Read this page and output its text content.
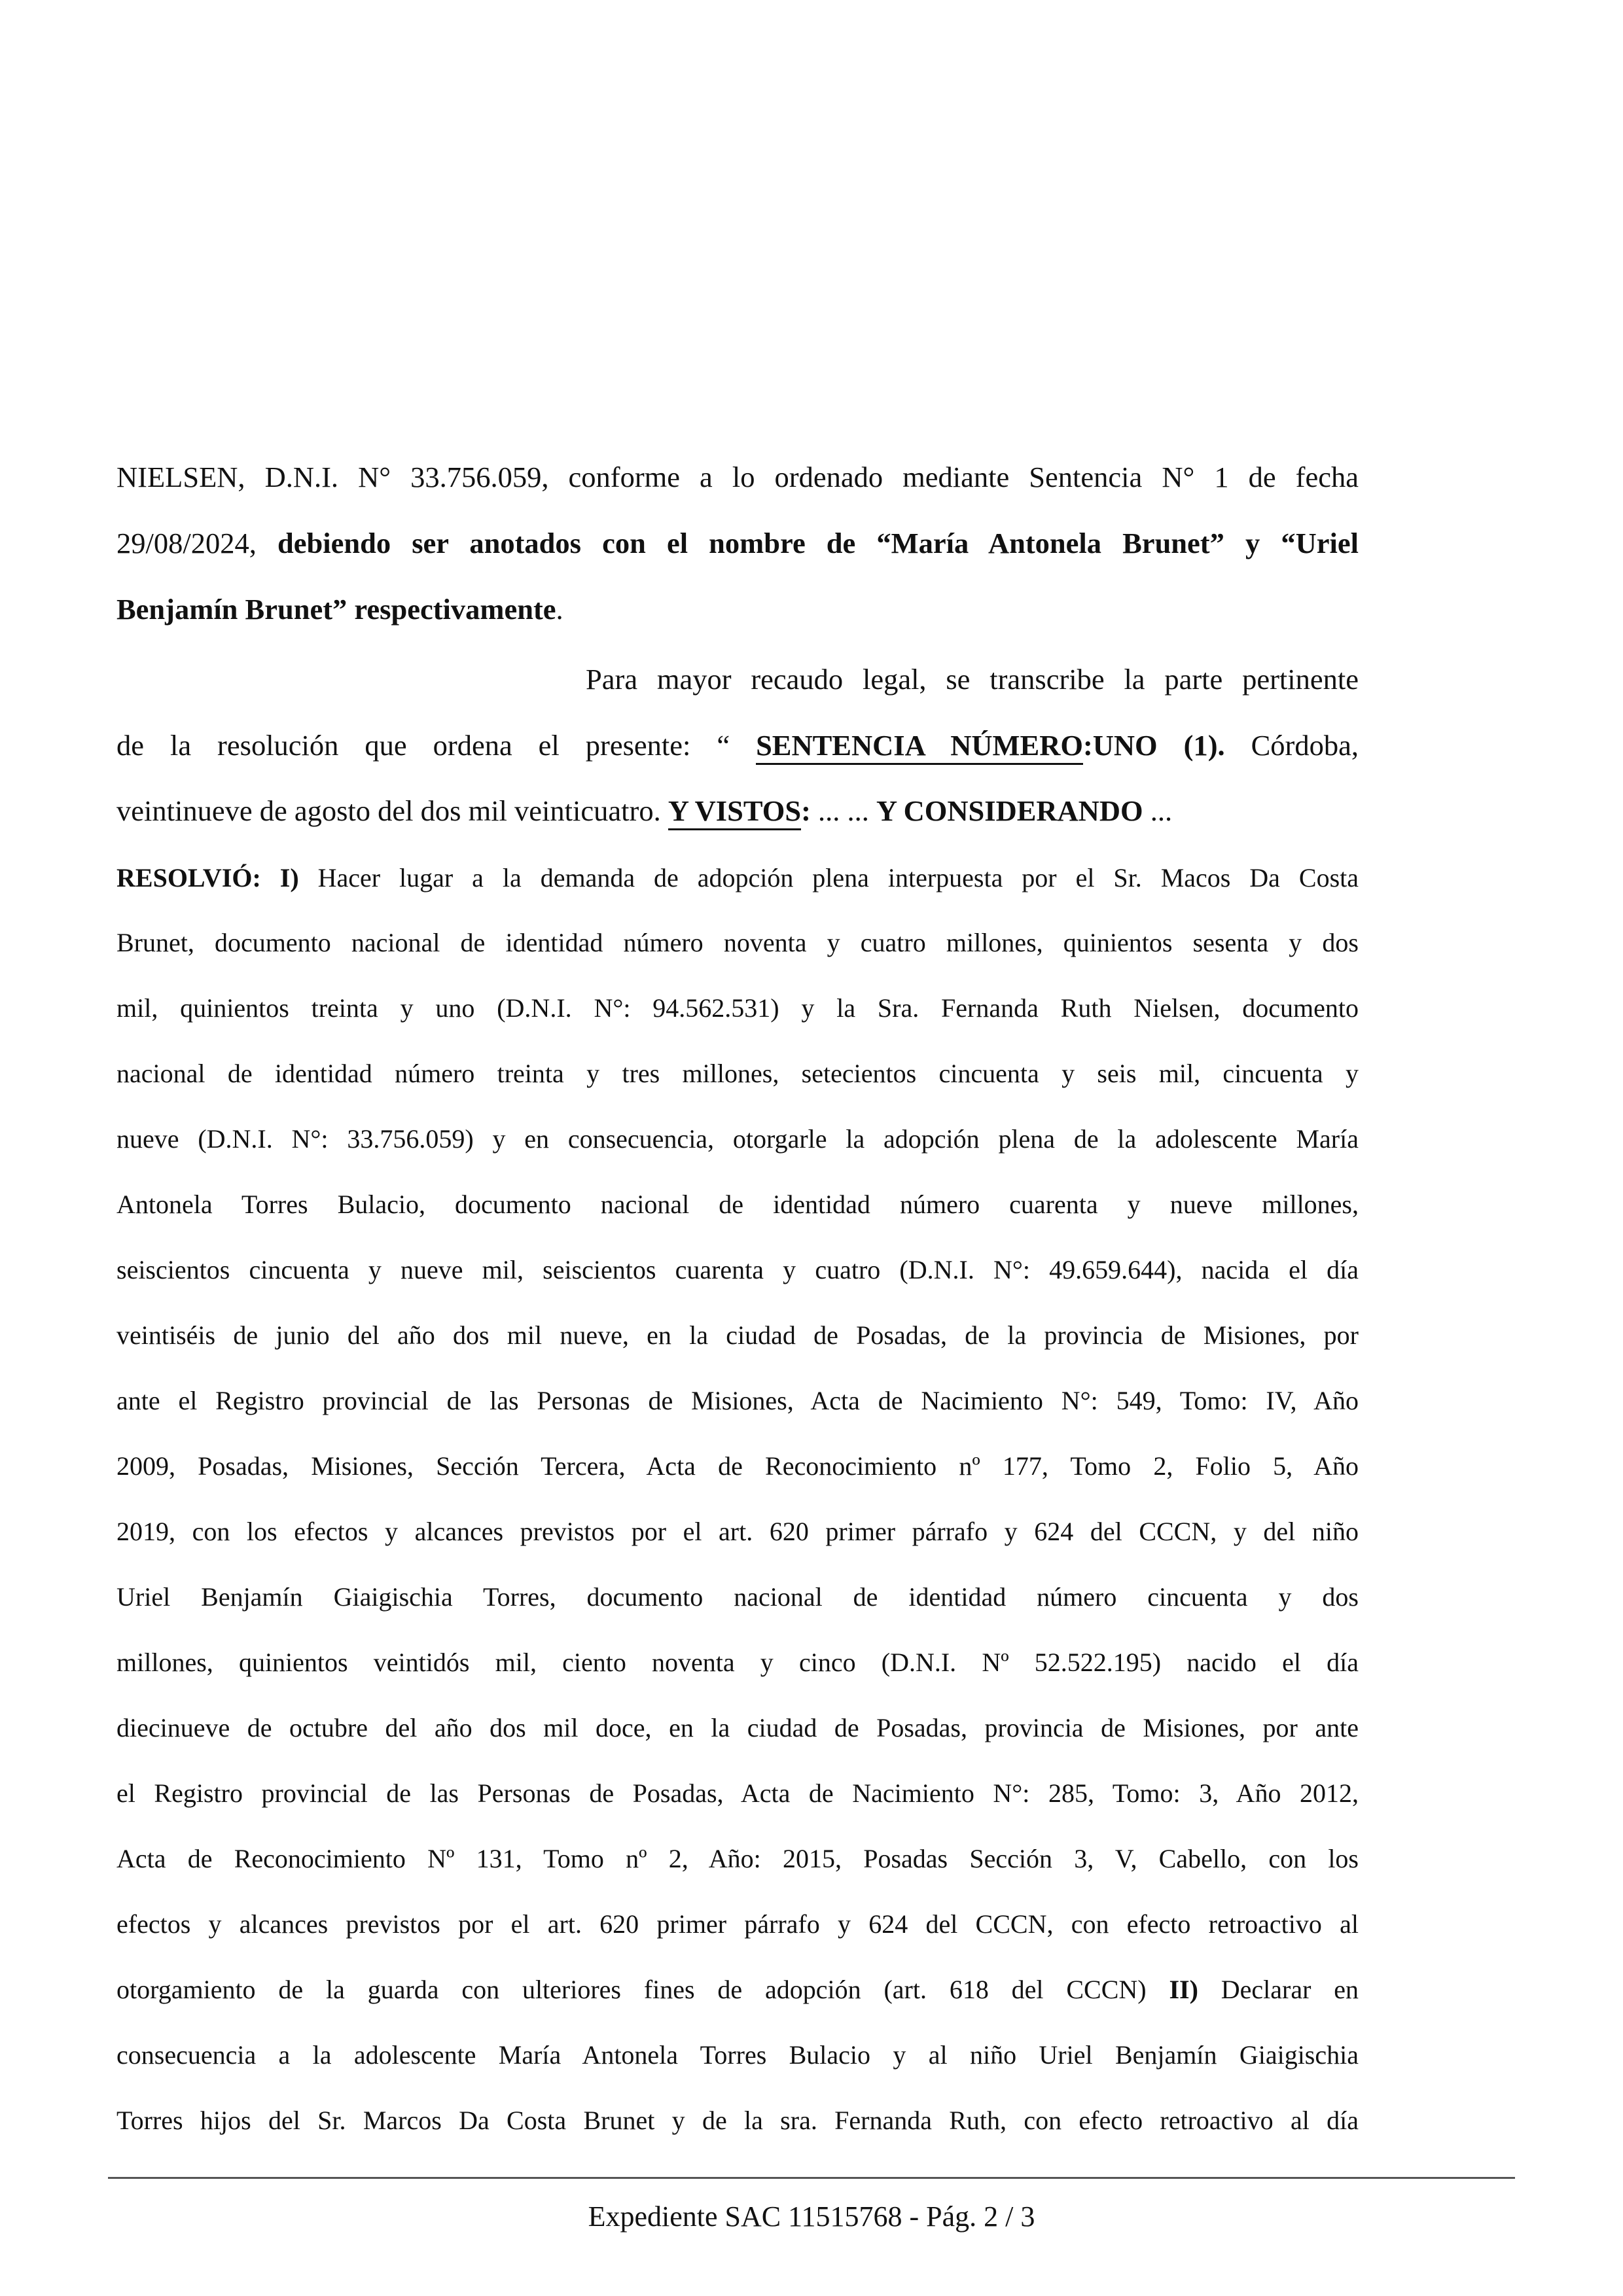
NIELSEN, D.N.I. N° 33.756.059, conforme a lo ordenado mediante Sentencia N° 1 de fecha
29/08/2024, debiendo ser anotados con el nombre de “María Antonela Brunet” y “Uriel
Benjamín Brunet” respectivamente.
Para mayor recaudo legal, se transcribe la parte pertinente
de la resolución que ordena el presente: “ SENTENCIA NÚMERO:UNO (1). Córdoba,
veintinueve de agosto del dos mil veinticuatro. Y VISTOS: ... ... Y CONSIDERANDO ...
RESOLVIÓ: I) Hacer lugar a la demanda de adopción plena interpuesta por el Sr. Macos Da Costa
Brunet, documento nacional de identidad número noventa y cuatro millones, quinientos sesenta y dos
mil, quinientos treinta y uno (D.N.I. N°: 94.562.531) y la Sra. Fernanda Ruth Nielsen, documento
nacional de identidad número treinta y tres millones, setecientos cincuenta y seis mil, cincuenta y
nueve (D.N.I. N°: 33.756.059) y en consecuencia, otorgarle la adopción plena de la adolescente María
Antonela Torres Bulacio, documento nacional de identidad número cuarenta y nueve millones,
seiscientos cincuenta y nueve mil, seiscientos cuarenta y cuatro (D.N.I. N°: 49.659.644), nacida el día
veintiséis de junio del año dos mil nueve, en la ciudad de Posadas, de la provincia de Misiones, por
ante el Registro provincial de las Personas de Misiones, Acta de Nacimiento N°: 549, Tomo: IV, Año
2009, Posadas, Misiones, Sección Tercera, Acta de Reconocimiento nº 177, Tomo 2, Folio 5, Año
2019, con los efectos y alcances previstos por el art. 620 primer párrafo y 624 del CCCN, y del niño
Uriel Benjamín Giaigischia Torres, documento nacional de identidad número cincuenta y dos
millones, quinientos veintidós mil, ciento noventa y cinco (D.N.I. Nº 52.522.195) nacido el día
diecinueve de octubre del año dos mil doce, en la ciudad de Posadas, provincia de Misiones, por ante
el Registro provincial de las Personas de Posadas, Acta de Nacimiento N°: 285, Tomo: 3, Año 2012,
Acta de Reconocimiento Nº 131, Tomo nº 2, Año: 2015, Posadas Sección 3, V, Cabello, con los
efectos y alcances previstos por el art. 620 primer párrafo y 624 del CCCN, con efecto retroactivo al
otorgamiento de la guarda con ulteriores fines de adopción (art. 618 del CCCN) II) Declarar en
consecuencia a la adolescente María Antonela Torres Bulacio y al niño Uriel Benjamín Giaigischia
Torres hijos del Sr. Marcos Da Costa Brunet y de la sra. Fernanda Ruth, con efecto retroactivo al día
Expediente SAC 11515768 - Pág. 2 / 3
